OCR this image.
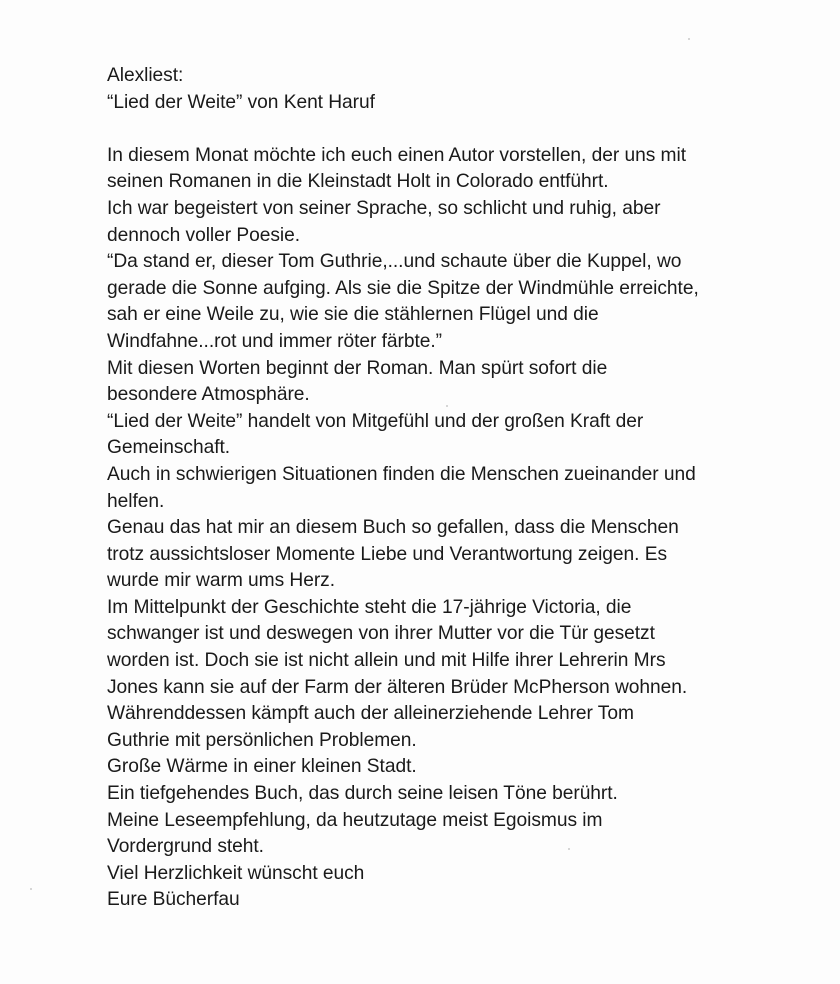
Alexliest:
“Lied der Weite” von Kent Haruf
In diesem Monat möchte ich euch einen Autor vorstellen, der uns mit
seinen Romanen in die Kleinstadt Holt in Colorado entführt.
Ich war begeistert von seiner Sprache, so schlicht und ruhig, aber
dennoch voller Poesie.
“Da stand er, dieser Tom Guthrie,...und schaute über die Kuppel, wo
gerade die Sonne aufging. Als sie die Spitze der Windmühle erreichte,
sah er eine Weile zu, wie sie die stählernen Flügel und die
Windfahne...rot und immer röter färbte.”
Mit diesen Worten beginnt der Roman. Man spürt sofort die
besondere Atmosphäre.
“Lied der Weite” handelt von Mitgefühl und der großen Kraft der
Gemeinschaft.
Auch in schwierigen Situationen finden die Menschen zueinander und
helfen.
Genau das hat mir an diesem Buch so gefallen, dass die Menschen
trotz aussichtsloser Momente Liebe und Verantwortung zeigen. Es
wurde mir warm ums Herz.
Im Mittelpunkt der Geschichte steht die 17-jährige Victoria, die
schwanger ist und deswegen von ihrer Mutter vor die Tür gesetzt
worden ist. Doch sie ist nicht allein und mit Hilfe ihrer Lehrerin Mrs
Jones kann sie auf der Farm der älteren Brüder McPherson wohnen.
Währenddessen kämpft auch der alleinerziehende Lehrer Tom
Guthrie mit persönlichen Problemen.
Große Wärme in einer kleinen Stadt.
Ein tiefgehendes Buch, das durch seine leisen Töne berührt.
Meine Leseempfehlung, da heutzutage meist Egoismus im
Vordergrund steht.
Viel Herzlichkeit wünscht euch
Eure Bücherfau
